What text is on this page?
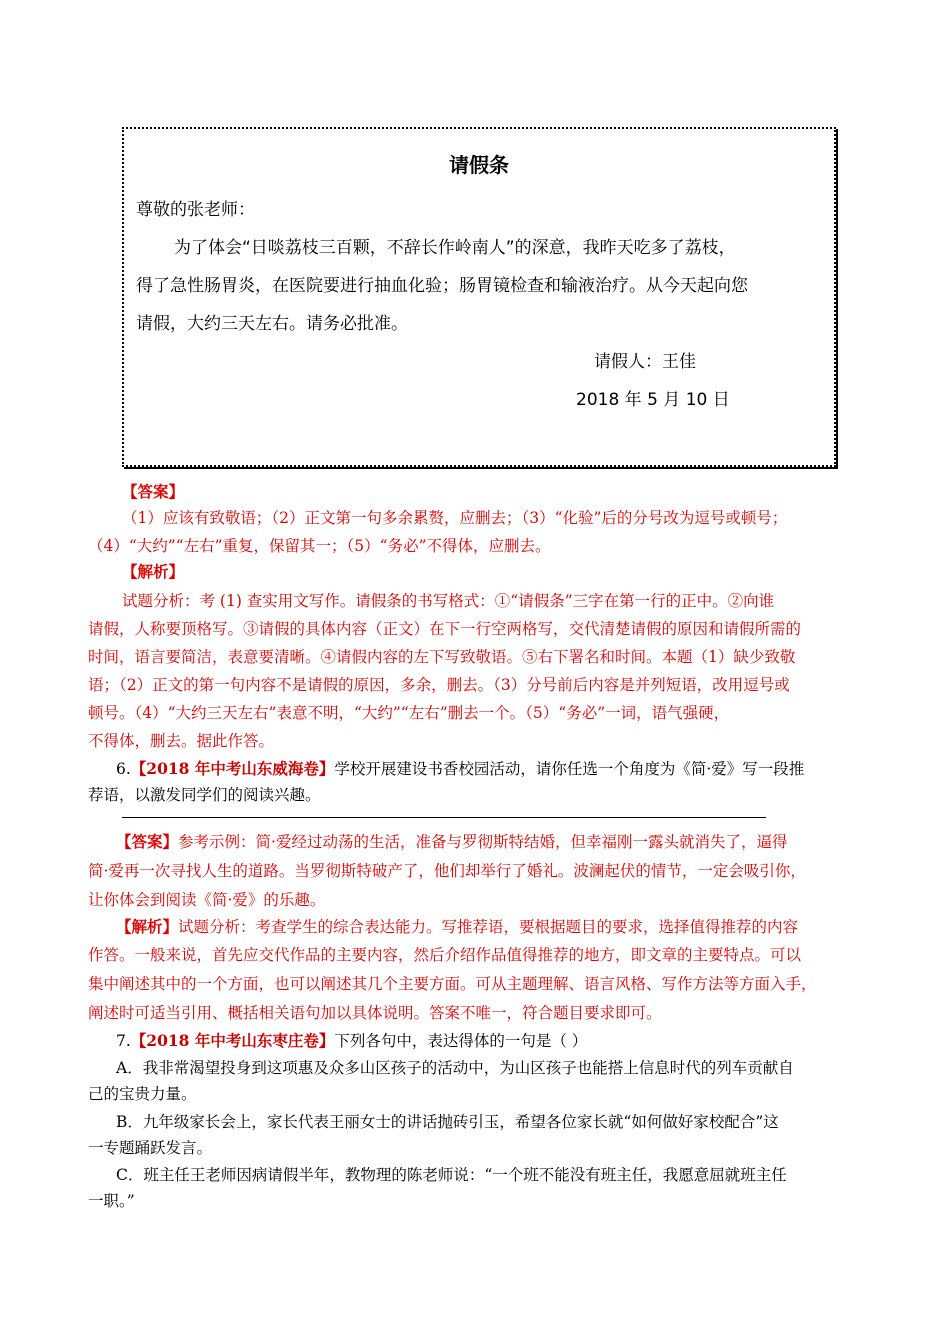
请假条
尊敬的张老师：
为了体会“日啖荔枝三百颗，不辞长作岭南人”的深意，我昨天吃多了荔枝，
得了急性肠胃炎，在医院要进行抽血化验；肠胃镜检查和输液治疗。从今天起向您
请假，大约三天左右。请务必批准。
请假人：王佳
2018 年 5 月 10 日
【答案】
（1）应该有致敬语；（2）正文第一句多余累赘，应删去；（3）“化验”后的分号改为逗号或顿号；
（4）“大约”“左右”重复，保留其一；（5）“务必”不得体，应删去。
【解析】
试题分析：考 (1) 查实用文写作。请假条的书写格式：①“请假条”三字在第一行的正中。②向谁
请假，人称要顶格写。③请假的具体内容（正文）在下一行空两格写，交代清楚请假的原因和请假所需的
时间，语言要简洁，表意要清晰。④请假内容的左下写致敬语。⑤右下署名和时间。本题（1）缺少致敬
语；（2）正文的第一句内容不是请假的原因，多余，删去。（3）分号前后内容是并列短语，改用逗号或
顿号。（4）“大约三天左右”表意不明，“大约”“左右”删去一个。（5）“务必”一词，语气强硬，
不得体，删去。据此作答。
6.【2018 年中考山东威海卷】学校开展建设书香校园活动，请你任选一个角度为《简·爱》写一段推
荐语，以激发同学们的阅读兴趣。
【答案】参考示例：简·爱经过动荡的生活，准备与罗彻斯特结婚，但幸福刚一露头就消失了，逼得
简·爱再一次寻找人生的道路。当罗彻斯特破产了，他们却举行了婚礼。波澜起伏的情节，一定会吸引你，
让你体会到阅读《简·爱》的乐趣。
【解析】试题分析：考查学生的综合表达能力。写推荐语，要根据题目的要求，选择值得推荐的内容
作答。一般来说，首先应交代作品的主要内容，然后介绍作品值得推荐的地方，即文章的主要特点。可以
集中阐述其中的一个方面，也可以阐述其几个主要方面。可从主题理解、语言风格、写作方法等方面入手，
阐述时可适当引用、概括相关语句加以具体说明。答案不唯一，符合题目要求即可。
7.【2018 年中考山东枣庄卷】下列各句中，表达得体的一句是（ ）
A．我非常渴望投身到这项惠及众多山区孩子的活动中，为山区孩子也能搭上信息时代的列车贡献自
己的宝贵力量。
B．九年级家长会上，家长代表王丽女士的讲话抛砖引玉，希望各位家长就“如何做好家校配合”这
一专题踊跃发言。
C．班主任王老师因病请假半年，教物理的陈老师说：“一个班不能没有班主任，我愿意屈就班主任
一职。”
